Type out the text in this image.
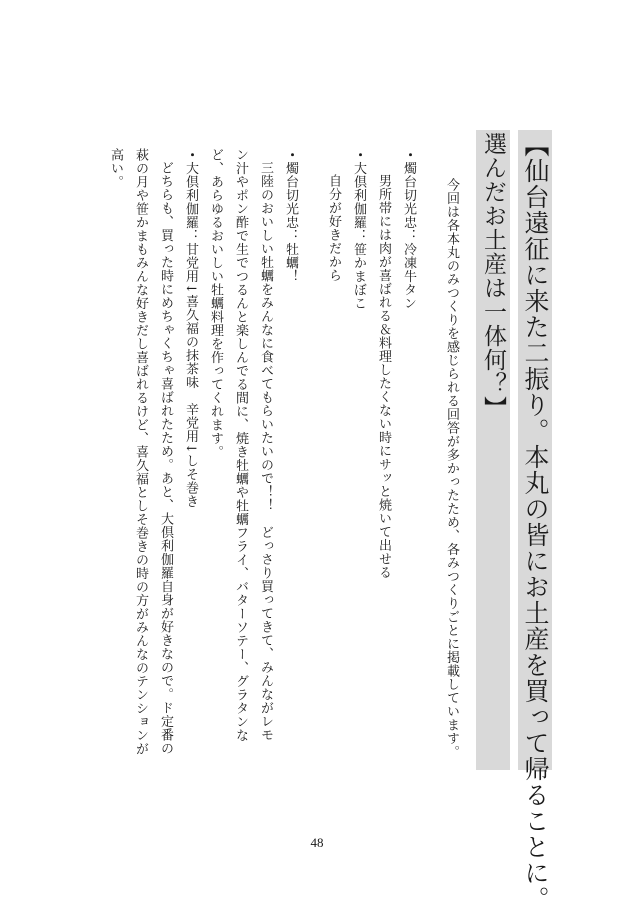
【仙台遠征に来た二振り。本丸の皆にお土産を買って帰ることに。
選んだお土産は一体何？】

今回は各本丸のみつくりを感じられる回答が多かったため、各みつくりごとに掲載しています。

・燭台切光忠：冷凍牛タン

男所帯には肉が喜ばれる＆料理したくない時にサッと焼いて出せる

・大倶利伽羅：笹かまぼこ

自分が好きだから

・燭台切光忠：牡蠣！

三陸のおいしい牡蠣をみんなに食べてもらいたいので！！　どっさり買ってきて、みんながレモ

ン汁やポン酢で生でつるんと楽しんでる間に、焼き牡蠣や牡蠣フライ、バターソテー、グラタンな

ど、あらゆるおいしい牡蠣料理を作ってくれます。

・大倶利伽羅：甘党用↓喜久福の抹茶味　辛党用↓しそ巻き

どちらも、買った時にめちゃくちゃ喜ばれたため。あと、大倶利伽羅自身が好きなので。ド定番の

萩の月や笹かまもみんな好きだし喜ばれるけど、喜久福としそ巻きの時の方がみんなのテンションが

高い。

48
